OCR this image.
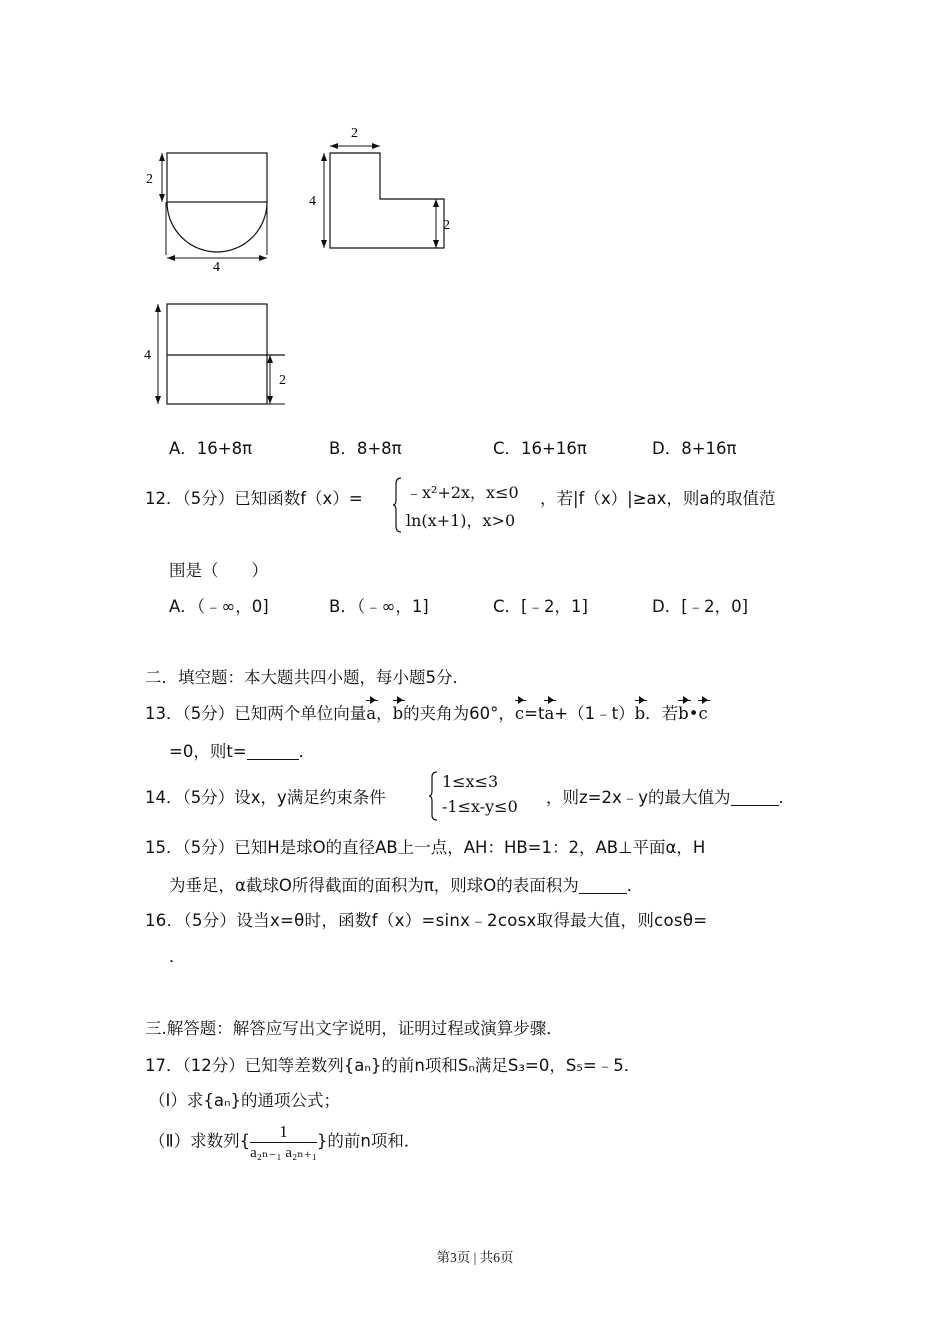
2
4
2
4
2
4
2
A．16+8π	B．8+8π	C．16+16π	D．8+16π
12．（5分）已知函数f（x）=	﹣x²+2x，x≤0
ln(x+1)，x>0
，若|f（x）|≥ax，则a的取值范
围是（　　）
A．（﹣∞，0]	B．（﹣∞，1]	C．[﹣2，1]	D．[﹣2，0]
二．填空题：本大题共四小题，每小题5分．
13．（5分）已知两个单位向量a，b的夹角为60°，c=ta+（1﹣t）b．若b•c
=0，则t=	．
14．（5分）设x，y满足约束条件
1≤x≤3
-1≤x-y≤0 ，则z=2x﹣y的最大值为	．
15．（5分）已知H是球O的直径AB上一点，AH：HB=1：2，AB⊥平面α，H
为垂足，α截球O所得截面的面积为π，则球O的表面积为	．
16．（5分）设当x=θ时，函数f（x）=sinx﹣2cosx取得最大值，则cosθ=
．
三.解答题：解答应写出文字说明，证明过程或演算步骤．
17．（12分）已知等差数列{aₙ}的前n项和Sₙ满足S₃=0，S₅=﹣5．
（Ⅰ）求{aₙ}的通项公式；
（Ⅱ）求数列{ $\frac{1}{\text{a₂ₙ₋₁ a₂ₙ₊₁}}$ }的前n项和．
第3页 | 共6页
